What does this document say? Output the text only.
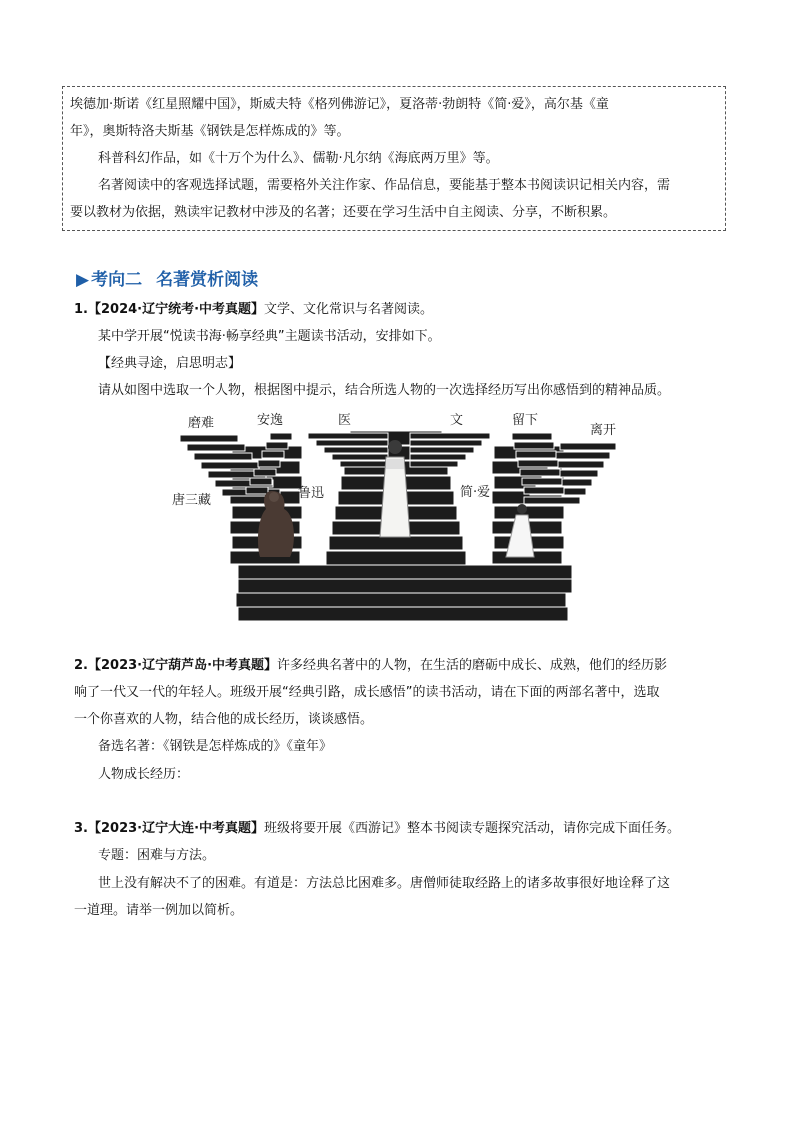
埃德加·斯诺《红星照耀中国》，斯威夫特《格列佛游记》，夏洛蒂·勃朗特《简·爱》，高尔基《童
年》，奥斯特洛夫斯基《钢铁是怎样炼成的》等。
科普科幻作品，如《十万个为什么》、儒勒·凡尔纳《海底两万里》等。
名著阅读中的客观选择试题，需要格外关注作家、作品信息，要能基于整本书阅读识记相关内容，需
要以教材为依据，熟读牢记教材中涉及的名著；还要在学习生活中自主阅读、分享，不断积累。
▶ 考向二 名著赏析阅读
1.【2024·辽宁统考·中考真题】文学、文化常识与名著阅读。
某中学开展“悦读书海·畅享经典”主题读书活动，安排如下。
【经典寻途，启思明志】
请从如图中选取一个人物，根据图中提示，结合所选人物的一次选择经历写出你感悟到的精神品质。
磨难	安逸	医	文	留下
离开
唐三藏	鲁迅	简·爱
2.【2023·辽宁葫芦岛·中考真题】许多经典名著中的人物，在生活的磨砺中成长、成熟，他们的经历影
响了一代又一代的年轻人。班级开展“经典引路，成长感悟”的读书活动，请在下面的两部名著中，选取
一个你喜欢的人物，结合他的成长经历，谈谈感悟。
备选名著：《钢铁是怎样炼成的》《童年》
人物成长经历：
3.【2023·辽宁大连·中考真题】班级将要开展《西游记》整本书阅读专题探究活动，请你完成下面任务。
专题：困难与方法。
世上没有解决不了的困难。有道是：方法总比困难多。唐僧师徒取经路上的诸多故事很好地诠释了这
一道理。请举一例加以简析。
